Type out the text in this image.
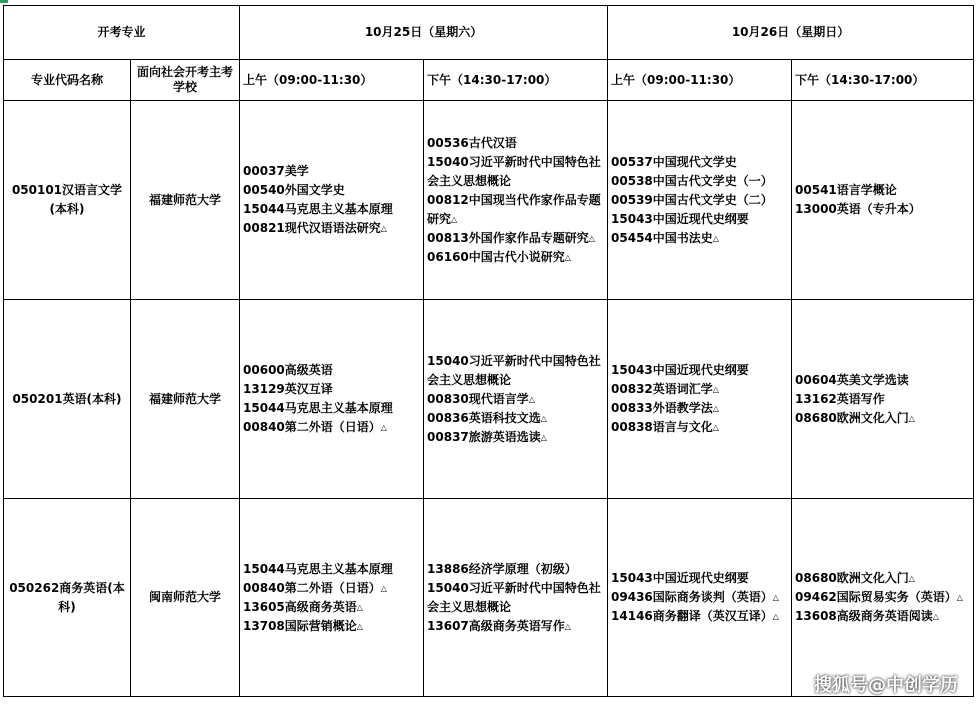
开考专业		10月25日（星期六）		10月26日（星期日）	
专业代码名称	面向社会开考主考学校	上午（09:00-11:30）	下午（14:30-17:00）	上午（09:00-11:30）	下午（14:30-17:00）
050101汉语言文学(本科)	福建师范大学	00037美学
00540外国文学史
15044马克思主义基本原理
00821现代汉语语法研究△	00536古代汉语
15040习近平新时代中国特色社会主义思想概论
00812中国现当代作家作品专题研究△
00813外国作家作品专题研究△
06160中国古代小说研究△	00537中国现代文学史
00538中国古代文学史（一）
00539中国古代文学史（二）
15043中国近现代史纲要
05454中国书法史△	00541语言学概论
13000英语（专升本）

050201英语(本科)	福建师范大学	00600高级英语
13129英汉互译
15044马克思主义基本原理
00840第二外语（日语）△	15040习近平新时代中国特色社会主义思想概论
00830现代语言学△
00836英语科技文选△
00837旅游英语选读△	15043中国近现代史纲要
00832英语词汇学△
00833外语教学法△
00838语言与文化△	00604英美文学选读
13162英语写作
08680欧洲文化入门△

050262商务英语(本科)	闽南师范大学	15044马克思主义基本原理
00840第二外语（日语）△
13605高级商务英语△
13708国际营销概论△	13886经济学原理（初级）
15040习近平新时代中国特色社会主义思想概论
13607高级商务英语写作△	15043中国近现代史纲要
09436国际商务谈判（英语）△
14146商务翻译（英汉互译）△	08680欧洲文化入门△
09462国际贸易实务（英语）△
13608高级商务英语阅读△
搜狐号@中创学历
